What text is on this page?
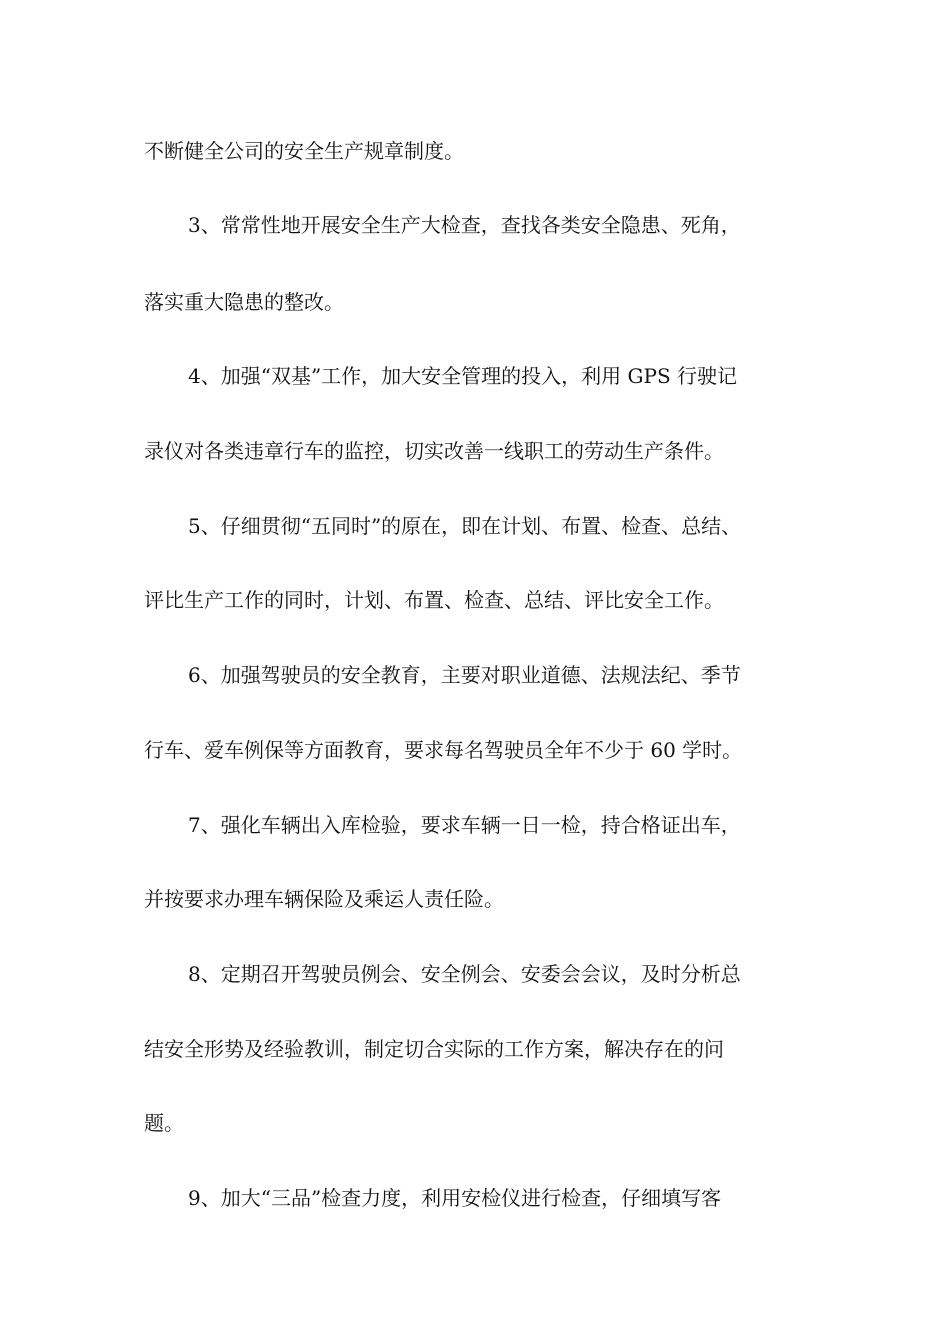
不断健全公司的安全生产规章制度。
3、常常性地开展安全生产大检查，查找各类安全隐患、死角，
落实重大隐患的整改。
4、加强“双基”工作，加大安全管理的投入，利用 GPS 行驶记
录仪对各类违章行车的监控，切实改善一线职工的劳动生产条件。
5、仔细贯彻“五同时”的原在，即在计划、布置、检查、总结、
评比生产工作的同时，计划、布置、检查、总结、评比安全工作。
6、加强驾驶员的安全教育，主要对职业道德、法规法纪、季节
行车、爱车例保等方面教育，要求每名驾驶员全年不少于 60 学时。
7、强化车辆出入库检验，要求车辆一日一检，持合格证出车，
并按要求办理车辆保险及乘运人责任险。
8、定期召开驾驶员例会、安全例会、安委会会议，及时分析总
结安全形势及经验教训，制定切合实际的工作方案，解决存在的问
题。
9、加大“三品”检查力度，利用安检仪进行检查，仔细填写客
